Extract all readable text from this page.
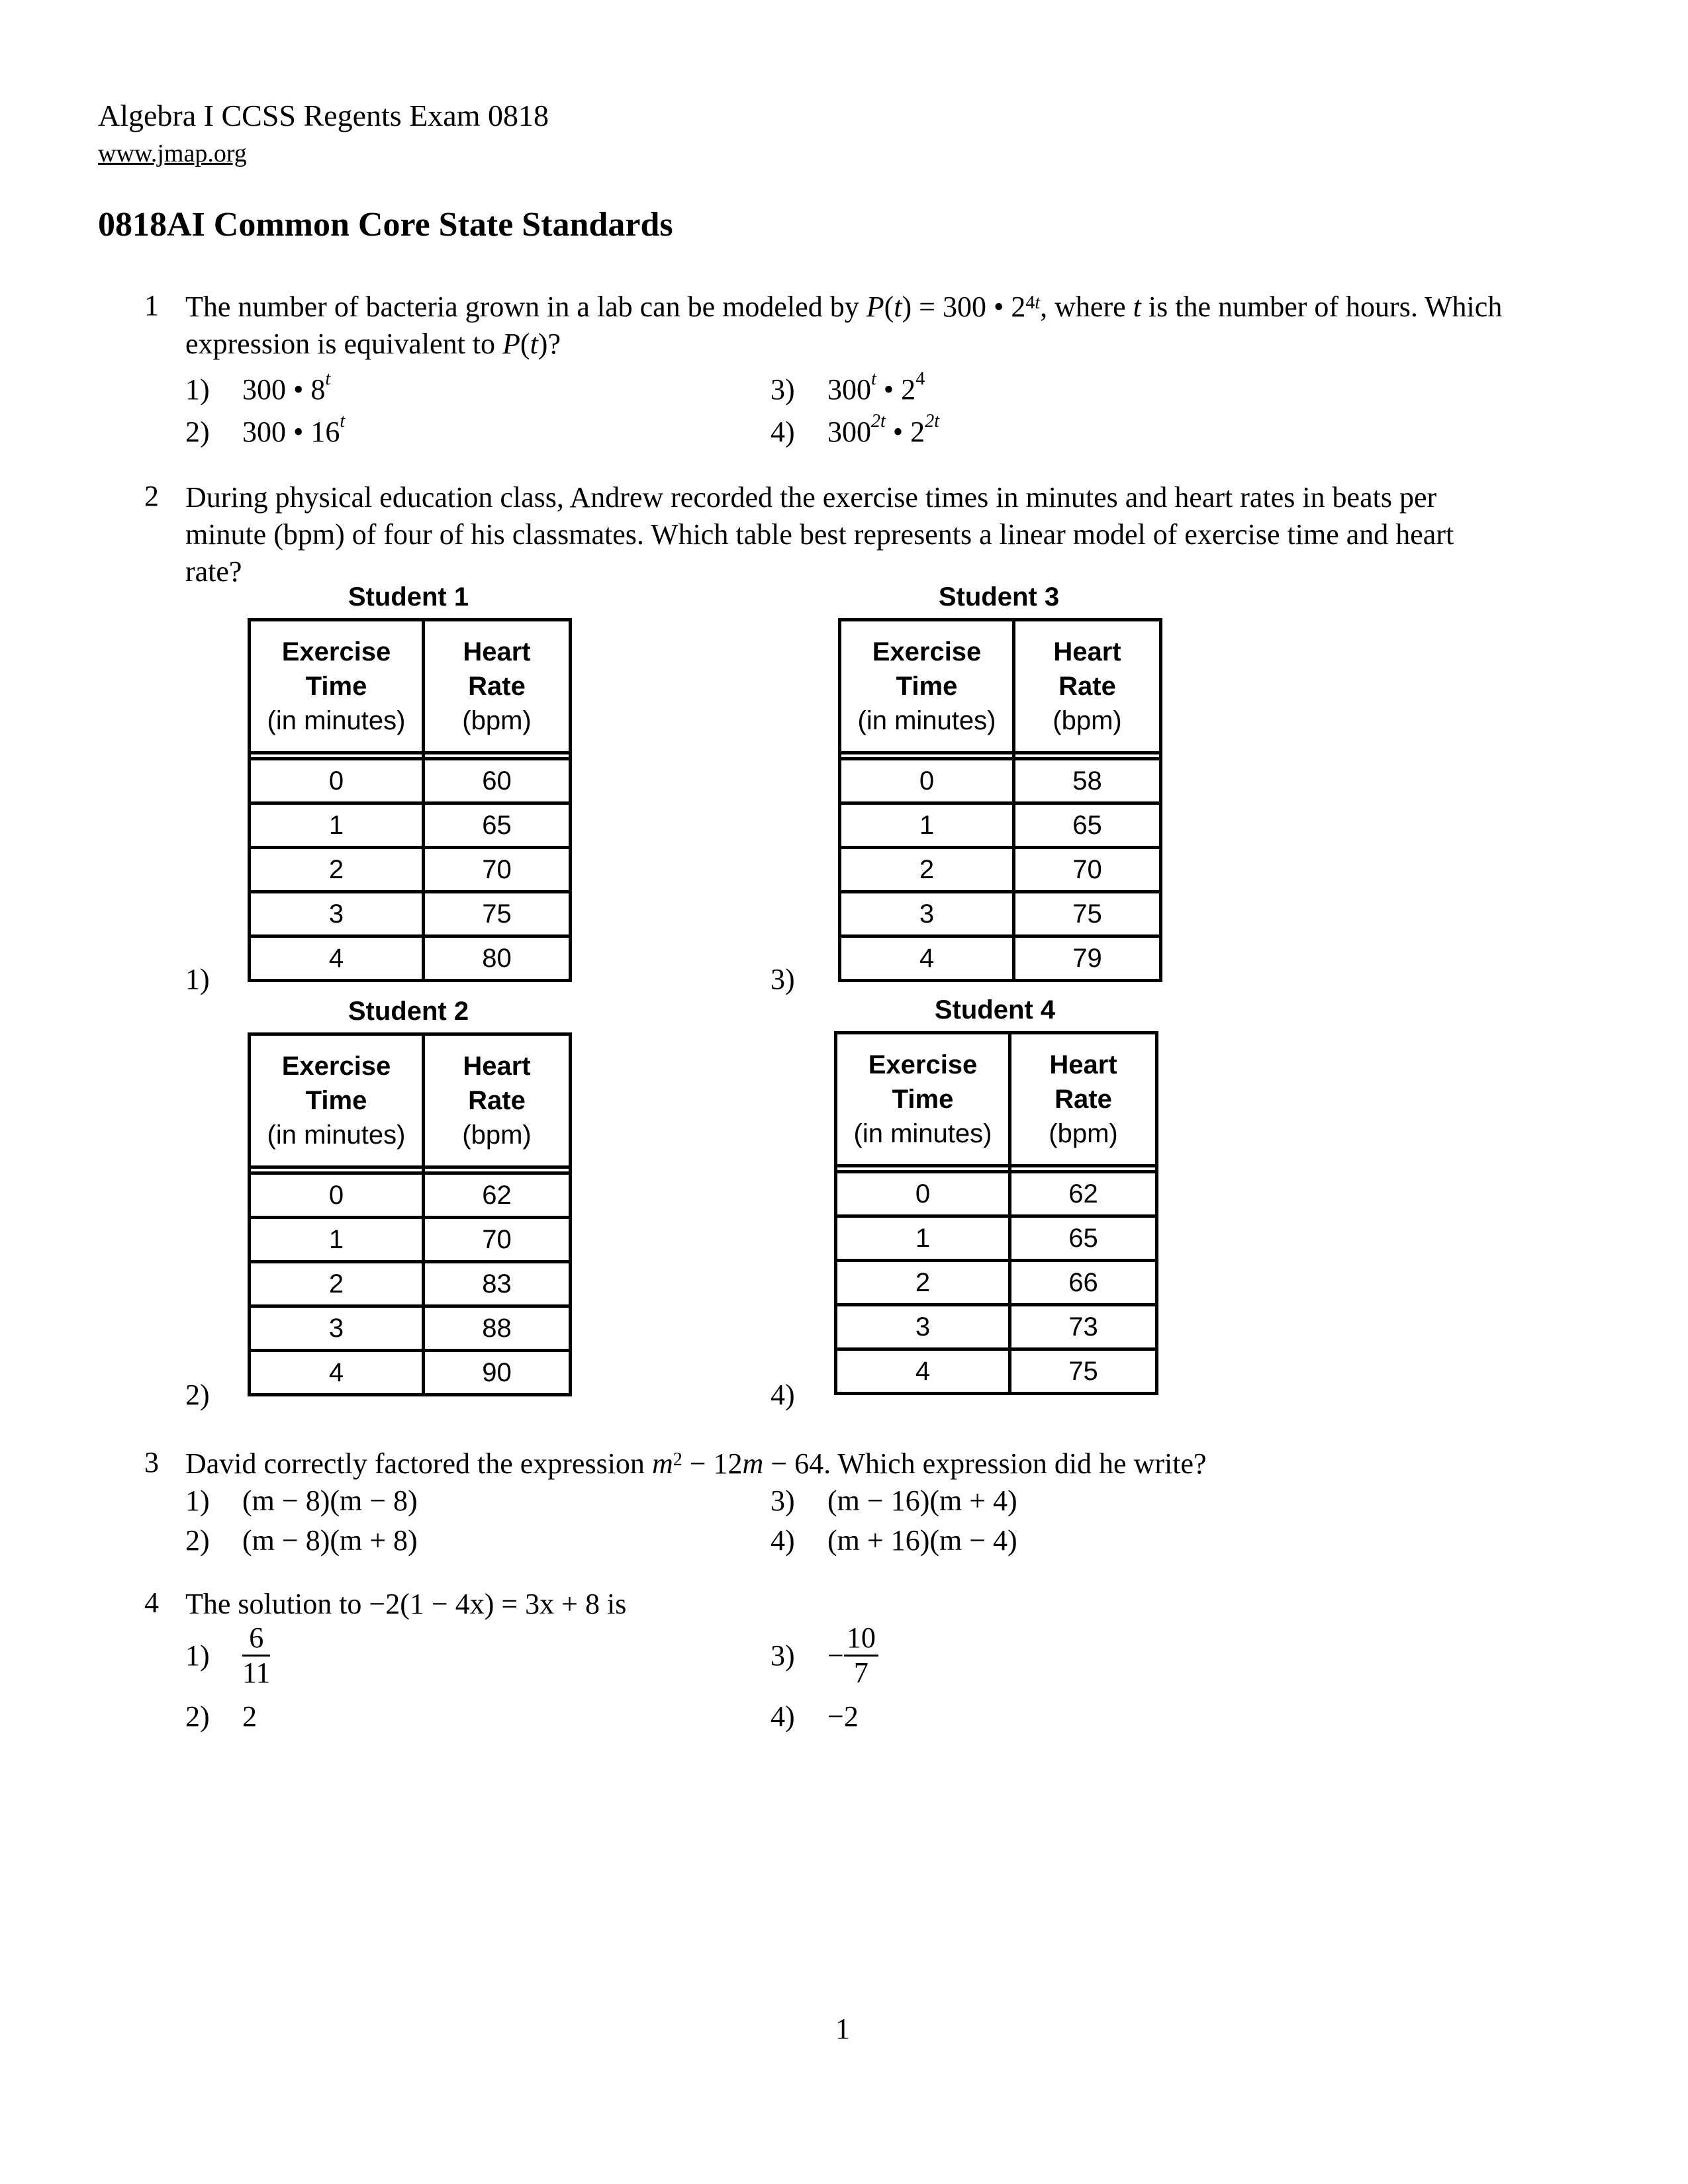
Algebra I CCSS Regents Exam 0818
www.jmap.org
0818AI Common Core State Standards
1 The number of bacteria grown in a lab can be modeled by P(t) = 300 • $2^{4t}$, where t is the number of hours. Which
expression is equivalent to P(t)?
1) 300 • 8$^t$
2) 300 • 16$^t$
3) 300$^t$ • $2^4$
4) $300^{2t}$ • $2^{2t}$
2 During physical education class, Andrew recorded the exercise times in minutes and heart rates in beats per
minute (bpm) of four of his classmates. Which table best represents a linear model of exercise time and heart
rate?
Student 1
Exercise
Time
(in minutes)	Heart
Rate
(bpm)

0	60
1	65
2	70
3	75
4	80
1)
Student 2
Exercise
Time
(in minutes)	Heart
Rate
(bpm)

0	62
1	70
2	83
3	88
4	90
2)
Student 3
Exercise
Time
(in minutes)	Heart
Rate
(bpm)

0	58
1	65
2	70
3	75
4	79
3)
Student 4
Exercise
Time
(in minutes)	Heart
Rate
(bpm)

0	62
1	65
2	66
3	73
4	75
4)
3 David correctly factored the expression $m^2 - 12m - 64$. Which expression did he write?
1) (m − 8)(m − 8)
2) (m − 8)(m + 8)
3) (m − 16)(m + 4)
4) (m + 16)(m − 4)
4 The solution to −2(1 − 4x) = 3x + 8 is
1)	$\frac{6}{11}$
2) 2
3)	− $\frac{10}{7}$
4) −2
1
